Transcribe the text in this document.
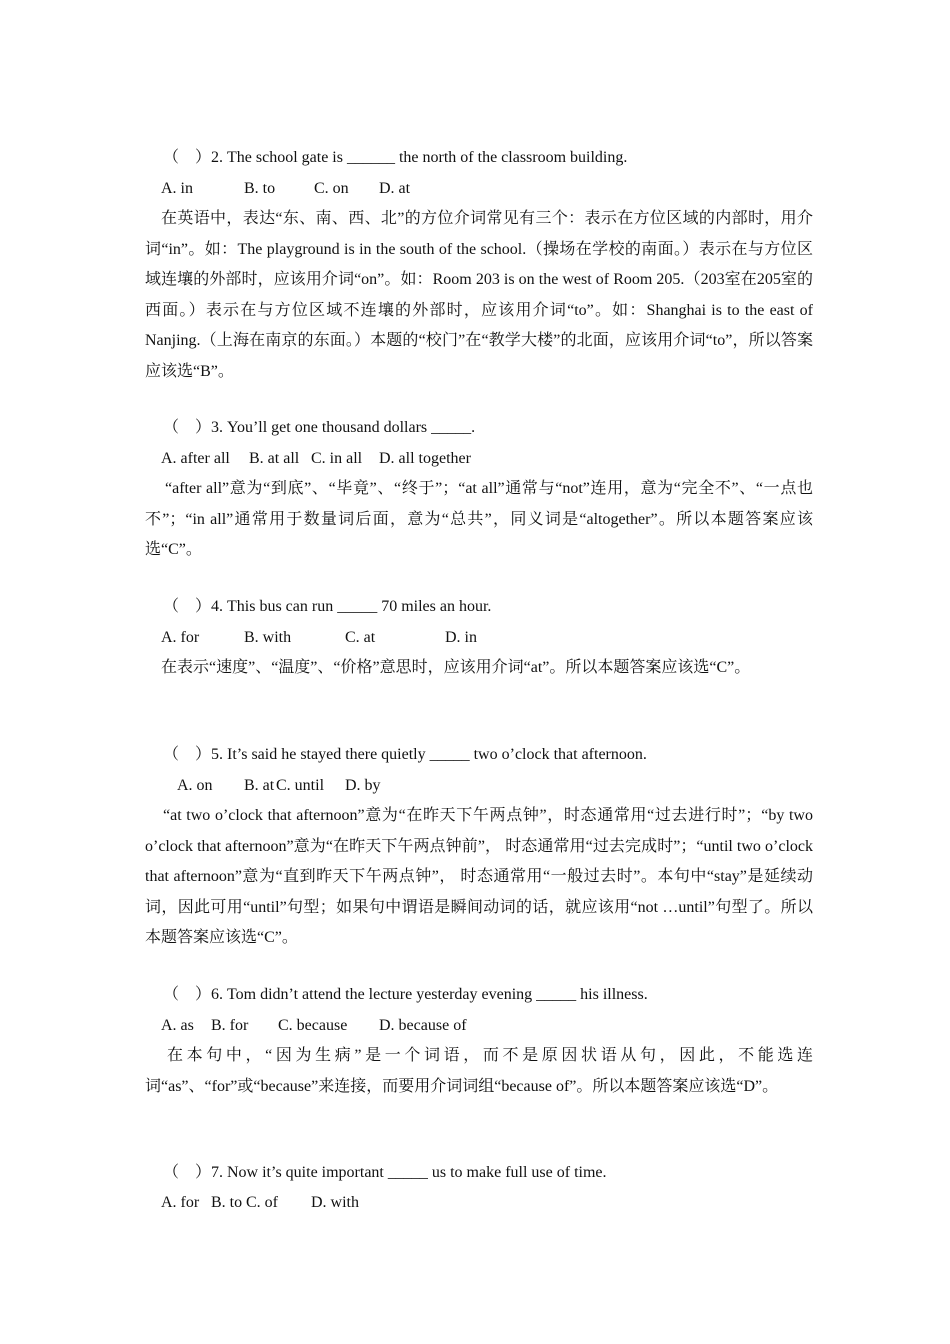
（　）2. The school gate is ______ the north of the classroom building.
A. in	B. to C. on D. at
在英语中，表达“东、南、西、北”的方位介词常见有三个：表示在方位区域的内部时，用介词“in”。如：The playground is in the south of the school.（操场在学校的南面。）表示在与方位区域连壤的外部时，应该用介词“on”。如：Room 203 is on the west of Room 205.（203室在205室的西面。）表示在与方位区域不连壤的外部时，应该用介词“to”。如：Shanghai is to the east of Nanjing.（上海在南京的东面。）本题的“校门”在“教学大楼”的北面，应该用介词“to”，所以答案应该选“B”。
（　）3. You’ll get one thousand dollars _____.
A. after all B. at all C. in all D. all together
“after all”意为“到底”、“毕竟”、“终于”；“at all”通常与“not”连用，意为“完全不”、“一点也不”；“in all”通常用于数量词后面，意为“总共”，同义词是“altogether”。所以本题答案应该选“C”。
（　）4. This bus can run _____ 70 miles an hour.
A. for	B. with	C. at	D. in
在表示“速度”、“温度”、“价格”意思时，应该用介词“at”。所以本题答案应该选“C”。
（　）5. It’s said he stayed there quietly _____ two o’clock that afternoon.
A. on B. at C. until D. by
“at two o’clock that afternoon”意为“在昨天下午两点钟”，时态通常用“过去进行时”；“by two o’clock that afternoon”意为“在昨天下午两点钟前”， 时态通常用“过去完成时”；“until two o’clock that afternoon”意为“直到昨天下午两点钟”， 时态通常用“一般过去时”。本句中“stay”是延续动词，因此可用“until”句型；如果句中谓语是瞬间动词的话，就应该用“not …until”句型了。所以本题答案应该选“C”。
（　）6. Tom didn’t attend the lecture yesterday evening _____ his illness.
A. as B. for C. because D. because of
在本句中，“因为生病”是一个词语，而不是原因状语从句，因此，不能选连词“as”、“for”或“because”来连接，而要用介词词组“because of”。所以本题答案应该选“D”。
（　）7. Now it’s quite important _____ us to make full use of time.
A. for B. to C. of D. with
